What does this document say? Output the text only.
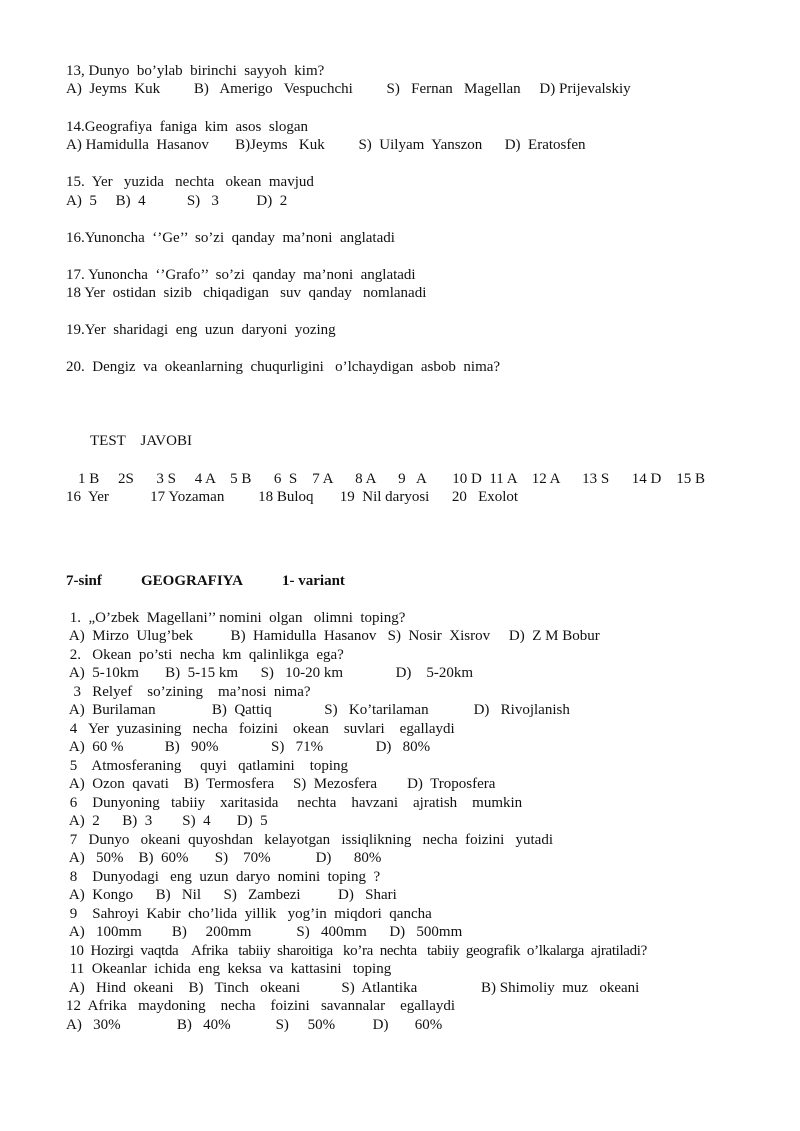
13, Dunyo  bo’ylab  birinchi  sayyoh  kim?
A)  Jeyms  Kuk         B)   Amerigo   Vespuchchi         S)   Fernan   Magellan     D) Prijevalskiy
14.Geografiya  faniga  kim  asos  slogan
A) Hamidulla  Hasanov       B)Jeyms   Kuk         S)  Uilyam  Yanszon      D)  Eratosfen
15.  Yer   yuzida   nechta   okean  mavjud
A)  5     B)  4           S)   3          D)  2
16.Yunoncha  ‘’Ge’’  so’zi  qanday  ma’noni  anglatadi
17. Yunoncha  ‘’Grafo’’  so’zi  qanday  ma’noni  anglatadi
18 Yer  ostidan  sizib   chiqadigan   suv  qanday   nomlanadi
19.Yer  sharidagi  eng  uzun  daryoni  yozing
20.  Dengiz  va  okeanlarning  chuqurligini   o’lchaydigan  asbob  nima?
TEST    JAVOBI
1 B     2S      3 S     4 A    5 B      6  S    7 A      8 A      9   A       10 D  11 A    12 A      13 S      14 D    15 B
16  Yer           17 Yozaman         18 Buloq       19  Nil daryosi      20   Exolot
7-sinf	GEOGRAFIYA	1- variant
1.  „O’zbek  Magellani’’ nomini  olgan   olimni  toping?
A)  Mirzo  Ulug’bek          B)  Hamidulla  Hasanov   S)  Nosir  Xisrov     D)  Z M Bobur
2.   Okean  po’sti  necha  km  qalinlikga  ega?
A)  5-10km       B)  5-15 km      S)   10-20 km              D)    5-20km
3   Relyef    so’zining    ma’nosi  nima?
A)  Burilaman               B)  Qattiq              S)   Ko’tarilaman            D)   Rivojlanish
4   Yer  yuzasining   necha   foizini    okean    suvlari    egallaydi
A)  60 %           B)   90%              S)   71%              D)   80%
5    Atmosferaning     quyi   qatlamini    toping
A)  Ozon  qavati    B)  Termosfera     S)  Mezosfera        D)  Troposfera
6    Dunyoning   tabiiy    xaritasida     nechta    havzani    ajratish    mumkin
A)  2      B)  3        S)  4       D)  5
7   Dunyo   okeani  quyoshdan   kelayotgan   issiqlikning   necha  foizini   yutadi
A)   50%    B)  60%       S)    70%            D)      80%
8    Dunyodagi   eng  uzun  daryo  nomini  toping  ?
A)  Kongo      B)   Nil      S)   Zambezi          D)   Shari
9    Sahroyi  Kabir  cho’lida  yillik   yog’in  miqdori  qancha
A)   100mm        B)     200mm            S)   400mm      D)   500mm
10  Hozirgi  vaqtda    Afrika   tabiiy  sharoitiga   ko’ra  nechta   tabiiy  geografik  o’lkalarga  ajratiladi?
11  Okeanlar  ichida  eng  keksa  va  kattasini   toping
A)   Hind  okeani    B)   Tinch   okeani           S)  Atlantika                 B) Shimoliy  muz   okeani
12  Afrika   maydoning    necha    foizini   savannalar    egallaydi
A)   30%               B)   40%            S)     50%          D)       60%
